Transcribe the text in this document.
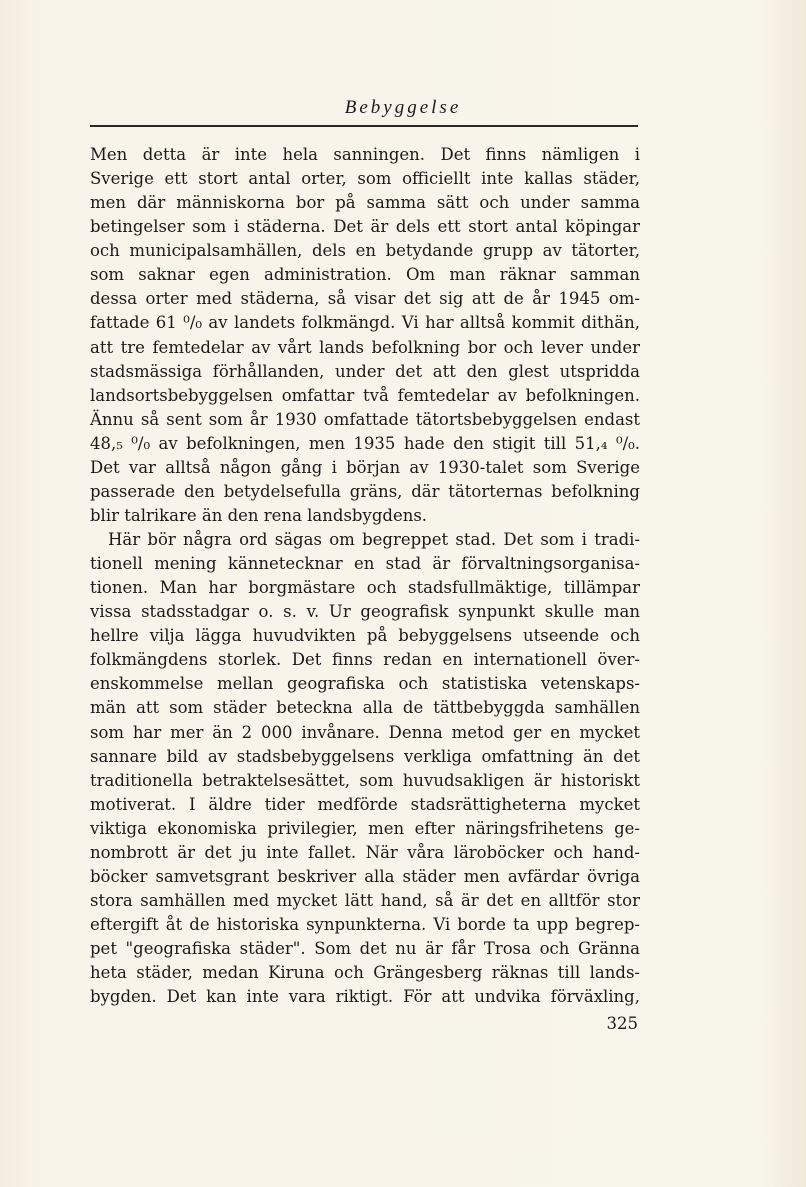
Bebyggelse
Men detta är inte hela sanningen. Det finns nämligen i
Sverige ett stort antal orter, som officiellt inte kallas städer,
men där människorna bor på samma sätt och under samma
betingelser som i städerna. Det är dels ett stort antal köpingar
och municipalsamhällen, dels en betydande grupp av tätorter,
som saknar egen administration. Om man räknar samman
dessa orter med städerna, så visar det sig att de år 1945 om-
fattade 61 ⁰/₀ av landets folkmängd. Vi har alltså kommit dithän,
att tre femtedelar av vårt lands befolkning bor och lever under
stadsmässiga förhållanden, under det att den glest utspridda
landsortsbebyggelsen omfattar två femtedelar av befolkningen.
Ännu så sent som år 1930 omfattade tätortsbebyggelsen endast
48,₅ ⁰/₀ av befolkningen, men 1935 hade den stigit till 51,₄ ⁰/₀.
Det var alltså någon gång i början av 1930-talet som Sverige
passerade den betydelsefulla gräns, där tätorternas befolkning
blir talrikare än den rena landsbygdens.
Här bör några ord sägas om begreppet stad. Det som i tradi-
tionell mening kännetecknar en stad är förvaltningsorganisa-
tionen. Man har borgmästare och stadsfullmäktige, tillämpar
vissa stadsstadgar o. s. v. Ur geografisk synpunkt skulle man
hellre vilja lägga huvudvikten på bebyggelsens utseende och
folkmängdens storlek. Det finns redan en internationell över-
enskommelse mellan geografiska och statistiska vetenskaps-
män att som städer beteckna alla de tättbebyggda samhällen
som har mer än 2 000 invånare. Denna metod ger en mycket
sannare bild av stadsbebyggelsens verkliga omfattning än det
traditionella betraktelsesättet, som huvudsakligen är historiskt
motiverat. I äldre tider medförde stadsrättigheterna mycket
viktiga ekonomiska privilegier, men efter näringsfrihetens ge-
nombrott är det ju inte fallet. När våra läroböcker och hand-
böcker samvetsgrant beskriver alla städer men avfärdar övriga
stora samhällen med mycket lätt hand, så är det en alltför stor
eftergift åt de historiska synpunkterna. Vi borde ta upp begrep-
pet "geografiska städer". Som det nu är får Trosa och Gränna
heta städer, medan Kiruna och Grängesberg räknas till lands-
bygden. Det kan inte vara riktigt. För att undvika förväxling,
325
